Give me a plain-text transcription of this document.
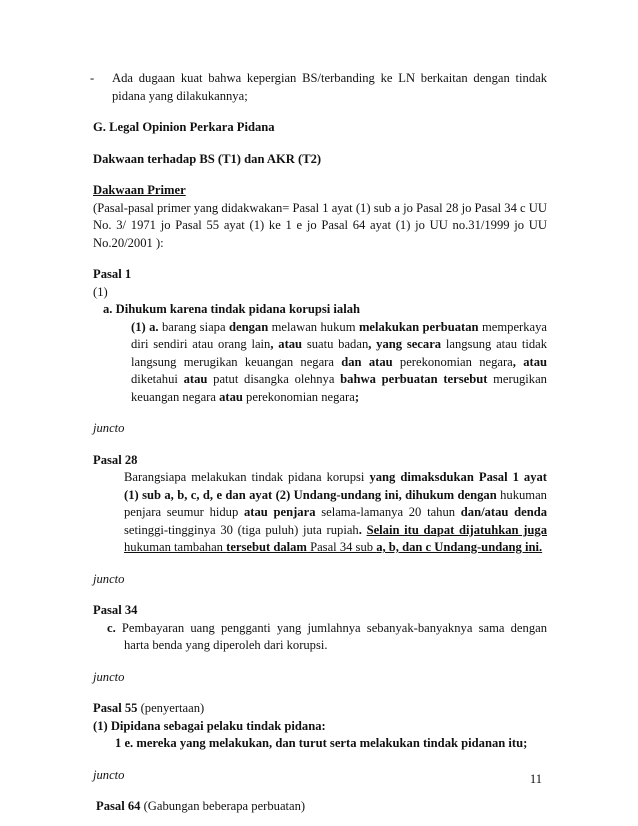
-	Ada dugaan kuat bahwa kepergian BS/terbanding ke LN berkaitan dengan tindak pidana yang dilakukannya;
G. Legal Opinion Perkara Pidana
Dakwaan terhadap BS (T1) dan AKR (T2)
Dakwaan Primer
(Pasal-pasal primer yang didakwakan= Pasal 1 ayat (1) sub a jo Pasal 28 jo Pasal 34 c UU No. 3/ 1971 jo Pasal 55 ayat (1) ke 1 e jo Pasal 64 ayat (1) jo UU no.31/1999 jo UU No.20/2001 ):
Pasal 1
(1)
a. Dihukum karena tindak pidana korupsi ialah
(1) a. barang siapa dengan melawan hukum melakukan perbuatan memperkaya diri sendiri atau orang lain, atau suatu badan, yang secara langsung atau tidak langsung merugikan keuangan negara dan atau perekonomian negara, atau diketahui atau patut disangka olehnya bahwa perbuatan tersebut merugikan keuangan negara atau perekonomian negara;
juncto
Pasal 28
Barangsiapa melakukan tindak pidana korupsi yang dimaksdukan Pasal 1 ayat (1) sub a, b, c, d, e dan ayat (2) Undang-undang ini, dihukum dengan hukuman penjara seumur hidup atau penjara selama-lamanya 20 tahun dan/atau denda setinggi-tingginya 30 (tiga puluh) juta rupiah. Selain itu dapat dijatuhkan juga hukuman tambahan tersebut dalam Pasal 34 sub a, b, dan c Undang-undang ini.
juncto
Pasal 34
c. Pembayaran uang pengganti yang jumlahnya sebanyak-banyaknya sama dengan harta benda yang diperoleh dari korupsi.
juncto
Pasal 55 (penyertaan)
(1) Dipidana sebagai pelaku tindak pidana:
1 e. mereka yang melakukan, dan turut serta melakukan tindak pidanan itu;
juncto
Pasal 64 (Gabungan beberapa perbuatan)
11
